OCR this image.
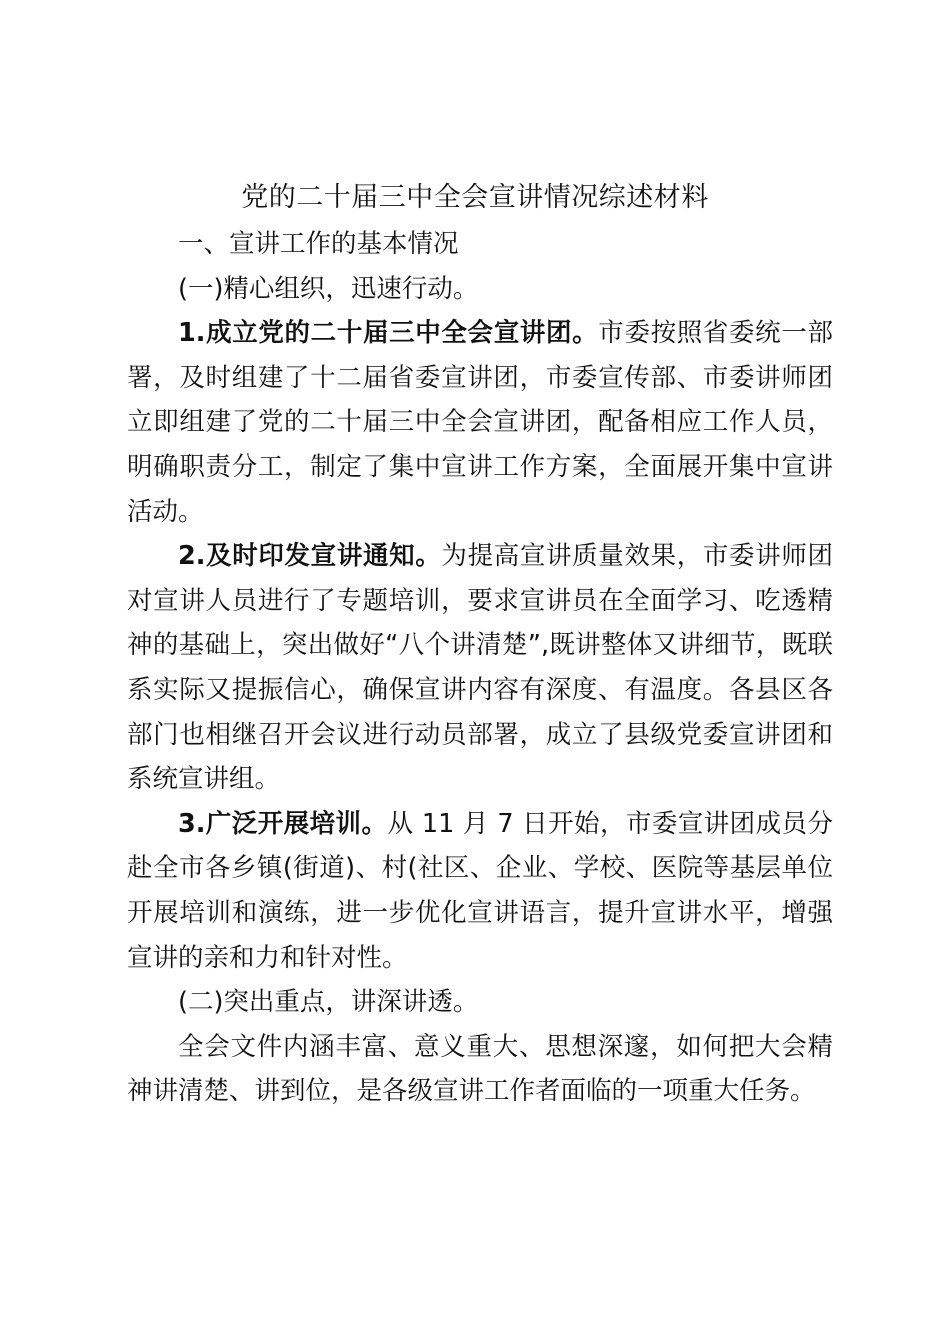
党的二十届三中全会宣讲情况综述材料

一、宣讲工作的基本情况

(一)精心组织，迅速行动。

1.成立党的二十届三中全会宣讲团。市委按照省委统一部署，及时组建了十二届省委宣讲团，市委宣传部、市委讲师团立即组建了党的二十届三中全会宣讲团，配备相应工作人员，明确职责分工，制定了集中宣讲工作方案，全面展开集中宣讲活动。

2.及时印发宣讲通知。为提高宣讲质量效果，市委讲师团对宣讲人员进行了专题培训，要求宣讲员在全面学习、吃透精神的基础上，突出做好“八个讲清楚”,既讲整体又讲细节，既联系实际又提振信心，确保宣讲内容有深度、有温度。各县区各部门也相继召开会议进行动员部署，成立了县级党委宣讲团和系统宣讲组。

3.广泛开展培训。从 11 月 7 日开始，市委宣讲团成员分赴全市各乡镇(街道)、村(社区、企业、学校、医院等基层单位开展培训和演练，进一步优化宣讲语言，提升宣讲水平，增强宣讲的亲和力和针对性。

(二)突出重点，讲深讲透。

全会文件内涵丰富、意义重大、思想深邃，如何把大会精神讲清楚、讲到位，是各级宣讲工作者面临的一项重大任务。
